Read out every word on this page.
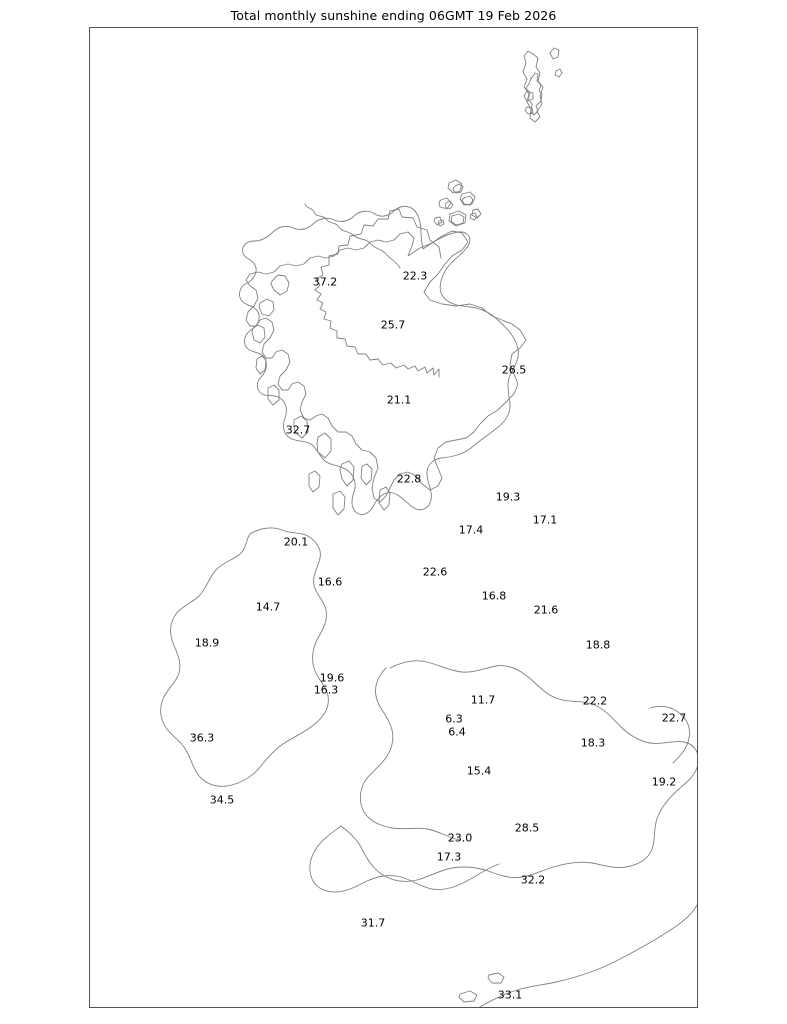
Total monthly sunshine ending 06GMT 19 Feb 2026
37.2	22.3
25.7
26.5
21.1
32.7
22.8
19.3
17.1
17.4
20.1
22.6
16.6
16.8
21.6
14.7
18.9	18.8
19.6
16.3
11.7	22.2
22.7
6.3
6.4
36.3	18.3
15.4
19.2
34.5
28.5
23.0
17.3
32.2
31.7
33.1
